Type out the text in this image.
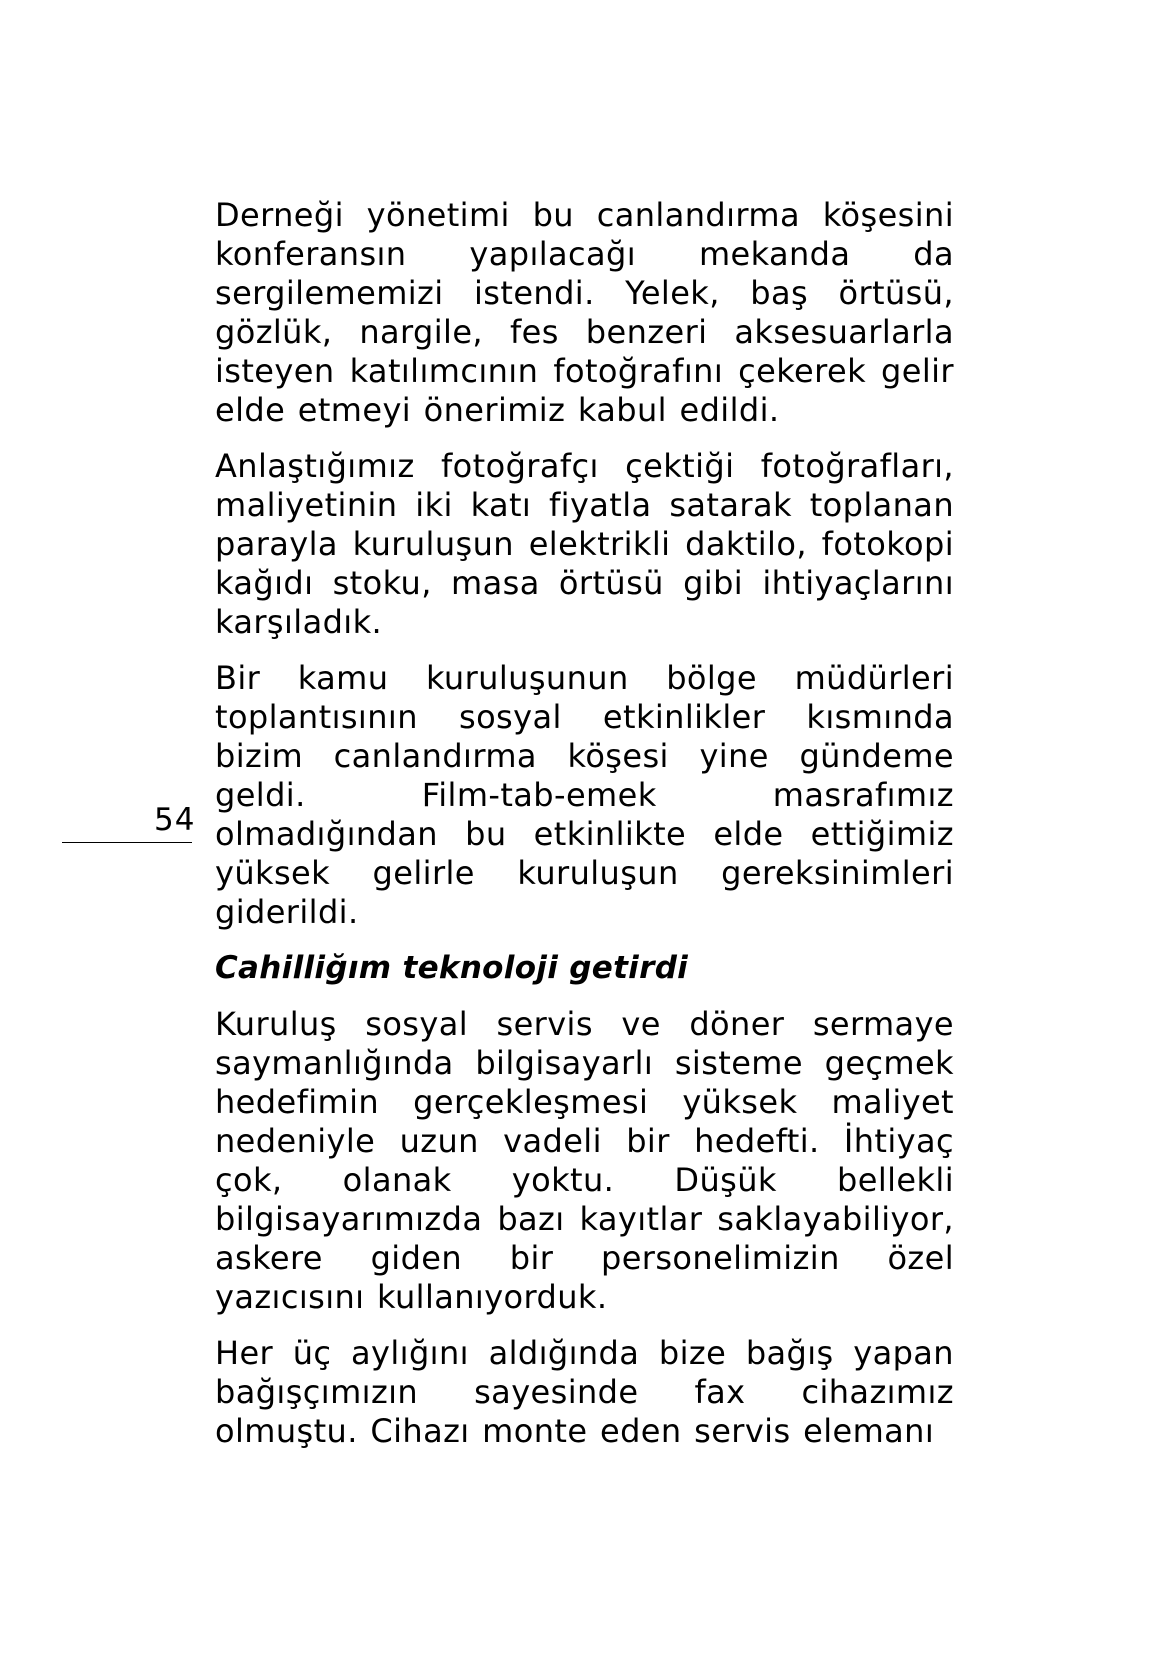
Derneği yönetimi bu canlandırma köşesini konferansın yapılacağı mekanda da sergilememizi istendi. Yelek, baş örtüsü, gözlük, nargile, fes benzeri aksesuarlarla isteyen katılımcının fotoğrafını çekerek gelir elde etmeyi önerimiz kabul edildi.

Anlaştığımız fotoğrafçı çektiği fotoğrafları, maliyetinin iki katı fiyatla satarak toplanan parayla kuruluşun elektrikli daktilo, fotokopi kağıdı stoku, masa örtüsü gibi ihtiyaçlarını karşıladık.

Bir kamu kuruluşunun bölge müdürleri toplantısının sosyal etkinlikler kısmında bizim canlandırma köşesi yine gündeme geldi. Film-tab-emek masrafımız olmadığından bu etkinlikte elde ettiğimiz yüksek gelirle kuruluşun gereksinimleri giderildi.

Cahilliğım teknoloji getirdi

Kuruluş sosyal servis ve döner sermaye saymanlığında bilgisayarlı sisteme geçmek hedefimin gerçekleşmesi yüksek maliyet nedeniyle uzun vadeli bir hedefti. İhtiyaç çok, olanak yoktu. Düşük bellekli bilgisayarımızda bazı kayıtlar saklayabiliyor, askere giden bir personelimizin özel yazıcısını kullanıyorduk.

Her üç aylığını aldığında bize bağış yapan bağışçımızın sayesinde fax cihazımız olmuştu. Cihazı monte eden servis elemanı

54
